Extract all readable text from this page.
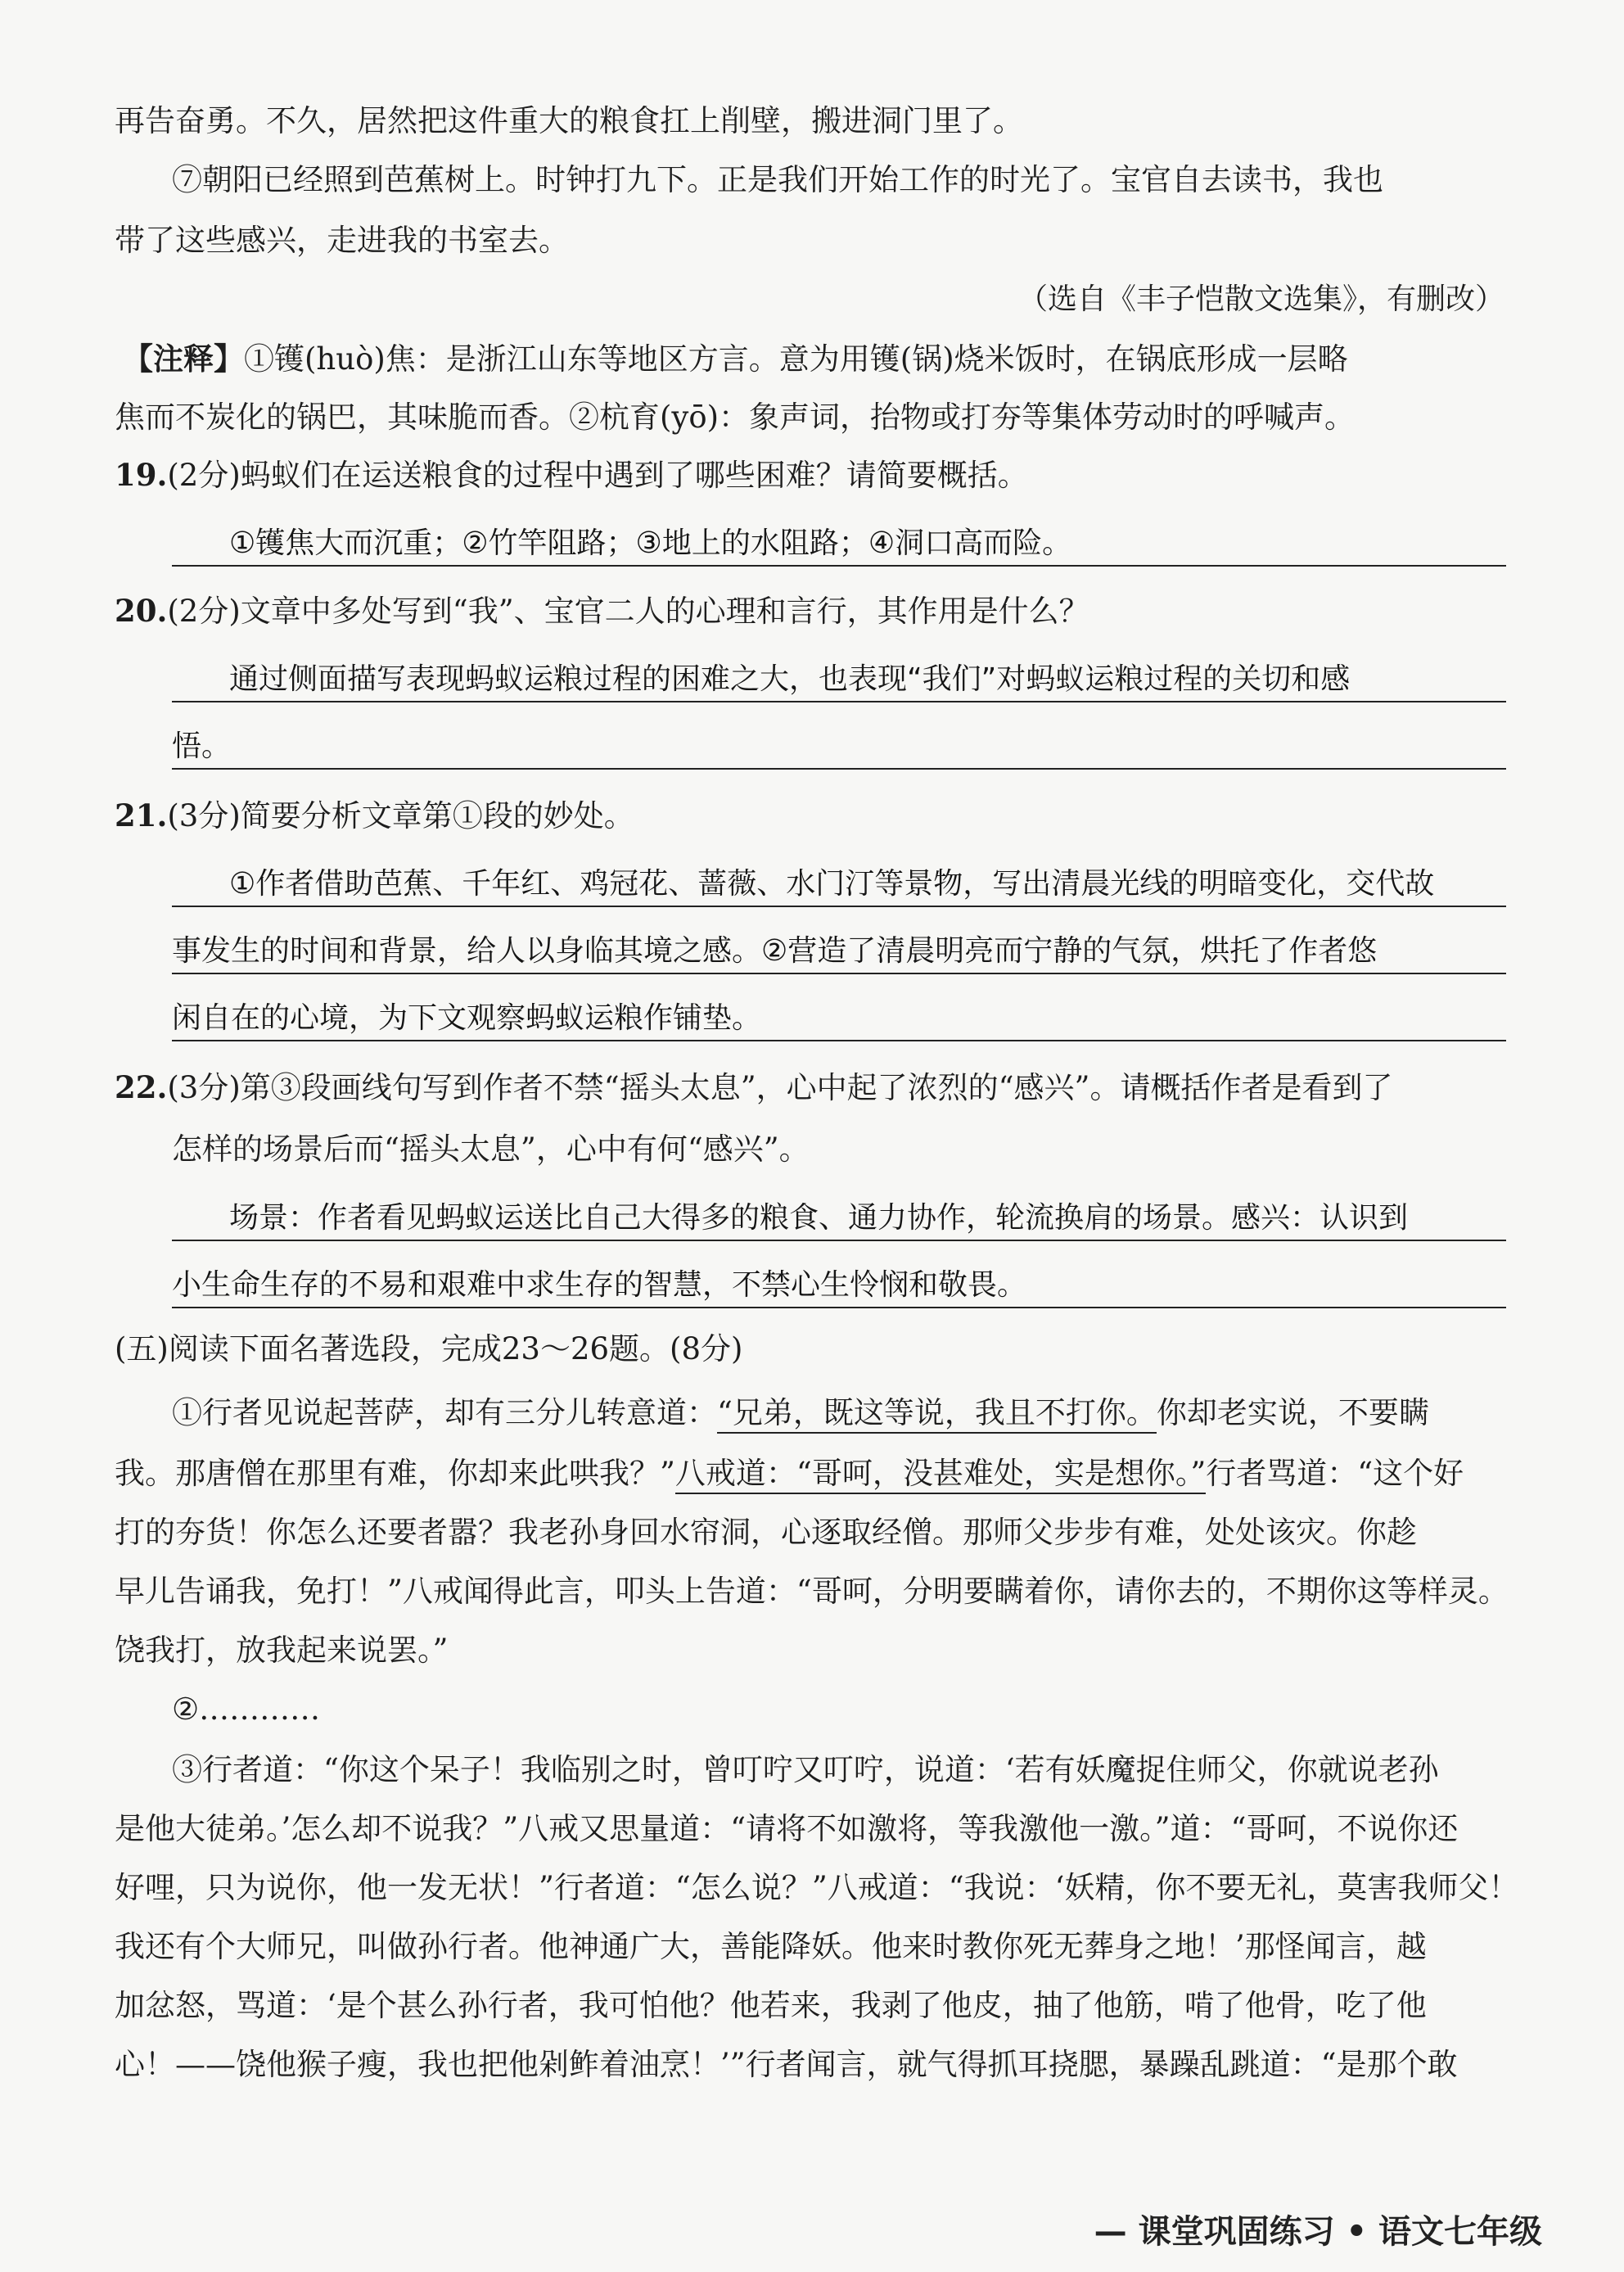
再告奋勇。不久，居然把这件重大的粮食扛上削壁，搬进洞门里了。
⑦朝阳已经照到芭蕉树上。时钟打九下。正是我们开始工作的时光了。宝官自去读书，我也
带了这些感兴，走进我的书室去。
（选自《丰子恺散文选集》，有删改）
【注释】①镬(huò)焦：是浙江山东等地区方言。意为用镬(锅)烧米饭时，在锅底形成一层略
焦而不炭化的锅巴，其味脆而香。②杭育(yō)：象声词，抬物或打夯等集体劳动时的呼喊声。
19.(2分)蚂蚁们在运送粮食的过程中遇到了哪些困难？请简要概括。
①镬焦大而沉重；②竹竿阻路；③地上的水阻路；④洞口高而险。
20.(2分)文章中多处写到“我”、宝官二人的心理和言行，其作用是什么？
通过侧面描写表现蚂蚁运粮过程的困难之大，也表现“我们”对蚂蚁运粮过程的关切和感
悟。
21.(3分)简要分析文章第①段的妙处。
①作者借助芭蕉、千年红、鸡冠花、蔷薇、水门汀等景物，写出清晨光线的明暗变化，交代故
事发生的时间和背景，给人以身临其境之感。②营造了清晨明亮而宁静的气氛，烘托了作者悠
闲自在的心境，为下文观察蚂蚁运粮作铺垫。
22.(3分)第③段画线句写到作者不禁“摇头太息”，心中起了浓烈的“感兴”。请概括作者是看到了
怎样的场景后而“摇头太息”，心中有何“感兴”。
场景：作者看见蚂蚁运送比自己大得多的粮食、通力协作，轮流换肩的场景。感兴：认识到
小生命生存的不易和艰难中求生存的智慧，不禁心生怜悯和敬畏。
(五)阅读下面名著选段，完成23～26题。(8分)
①行者见说起菩萨，却有三分儿转意道：“兄弟，既这等说，我且不打你。你却老实说，不要瞒
我。那唐僧在那里有难，你却来此哄我？”八戒道：“哥呵，没甚难处，实是想你。”行者骂道：“这个好
打的夯货！你怎么还要者嚣？我老孙身回水帘洞，心逐取经僧。那师父步步有难，处处该灾。你趁
早儿告诵我，免打！”八戒闻得此言，叩头上告道：“哥呵，分明要瞒着你，请你去的，不期你这等样灵。
饶我打，放我起来说罢。”
②…………
③行者道：“你这个呆子！我临别之时，曾叮咛又叮咛，说道：‘若有妖魔捉住师父，你就说老孙
是他大徒弟。’怎么却不说我？”八戒又思量道：“请将不如激将，等我激他一激。”道：“哥呵，不说你还
好哩，只为说你，他一发无状！”行者道：“怎么说？”八戒道：“我说：‘妖精，你不要无礼，莫害我师父！
我还有个大师兄，叫做孙行者。他神通广大，善能降妖。他来时教你死无葬身之地！’那怪闻言，越
加忿怒，骂道：‘是个甚么孙行者，我可怕他？他若来，我剥了他皮，抽了他筋，啃了他骨，吃了他
心！——饶他猴子瘦，我也把他剁鲊着油烹！’”行者闻言，就气得抓耳挠腮，暴躁乱跳道：“是那个敢
— 课堂巩固练习 • 语文七年级
